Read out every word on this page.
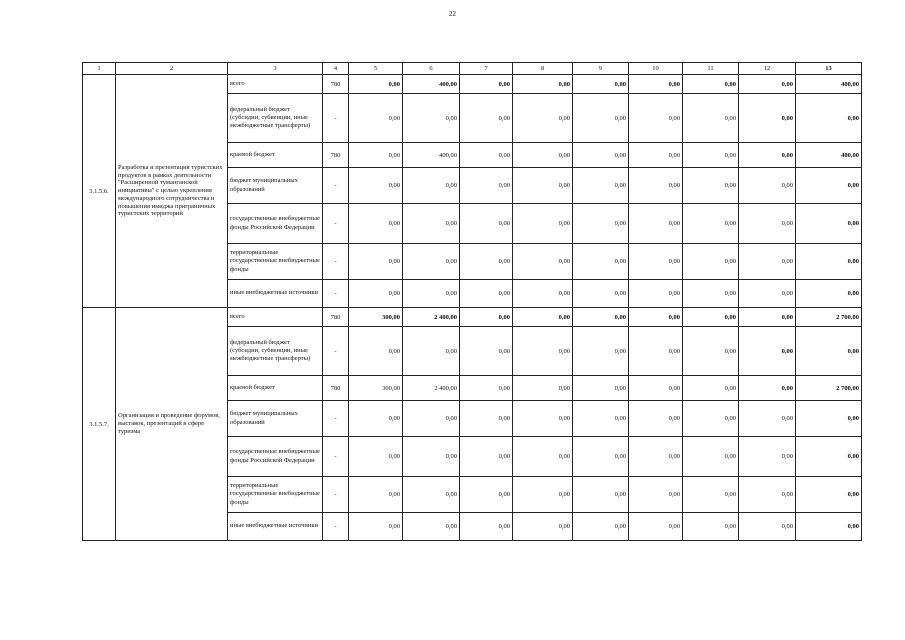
22
1	2	3	4	5	6	7	8	9	10	11	12	13
3.1.5.6.	Разработка и презентация туристских продуктов в рамках деятельности "Расширенной туманганской инициативы" с целью укрепления международного сотрудничества и повышения имиджа приграничных туристских территорий	всего	780	0,00	400,00	0,00	0,00	0,00	0,00	0,00	0,00	400,00
		федеральный бюджет (субсидии, субвенции, иные межбюджетные трансферты)	-	0,00	0,00	0,00	0,00	0,00	0,00	0,00	0,00	0,00
		краевой бюджет	780	0,00	400,00	0,00	0,00	0,00	0,00	0,00	0,00	400,00
		бюджет муниципальных образований	-	0,00	0,00	0,00	0,00	0,00	0,00	0,00	0,00	0,00
		государственные внебюджетные фонды Российской Федерации	-	0,00	0,00	0,00	0,00	0,00	0,00	0,00	0,00	0,00
		территориальные государственные внебюджетные фонды	-	0,00	0,00	0,00	0,00	0,00	0,00	0,00	0,00	0,00
		иные внебюджетные источники	-	0,00	0,00	0,00	0,00	0,00	0,00	0,00	0,00	0,00
3.1.5.7.	Организация и проведение форумов, выставок, презентаций в сфере туризма	всего	780	300,00	2 400,00	0,00	0,00	0,00	0,00	0,00	0,00	2 700,00
		федеральный бюджет (субсидии, субвенции, иные межбюджетные трансферты)	-	0,00	0,00	0,00	0,00	0,00	0,00	0,00	0,00	0,00
		краевой бюджет	780	300,00	2 400,00	0,00	0,00	0,00	0,00	0,00	0,00	2 700,00
		бюджет муниципальных образований	-	0,00	0,00	0,00	0,00	0,00	0,00	0,00	0,00	0,00
		государственные внебюджетные фонды Российской Федерации	-	0,00	0,00	0,00	0,00	0,00	0,00	0,00	0,00	0,00
		территориальные государственные внебюджетные фонды	-	0,00	0,00	0,00	0,00	0,00	0,00	0,00	0,00	0,00
		иные внебюджетные источники	-	0,00	0,00	0,00	0,00	0,00	0,00	0,00	0,00	0,00
